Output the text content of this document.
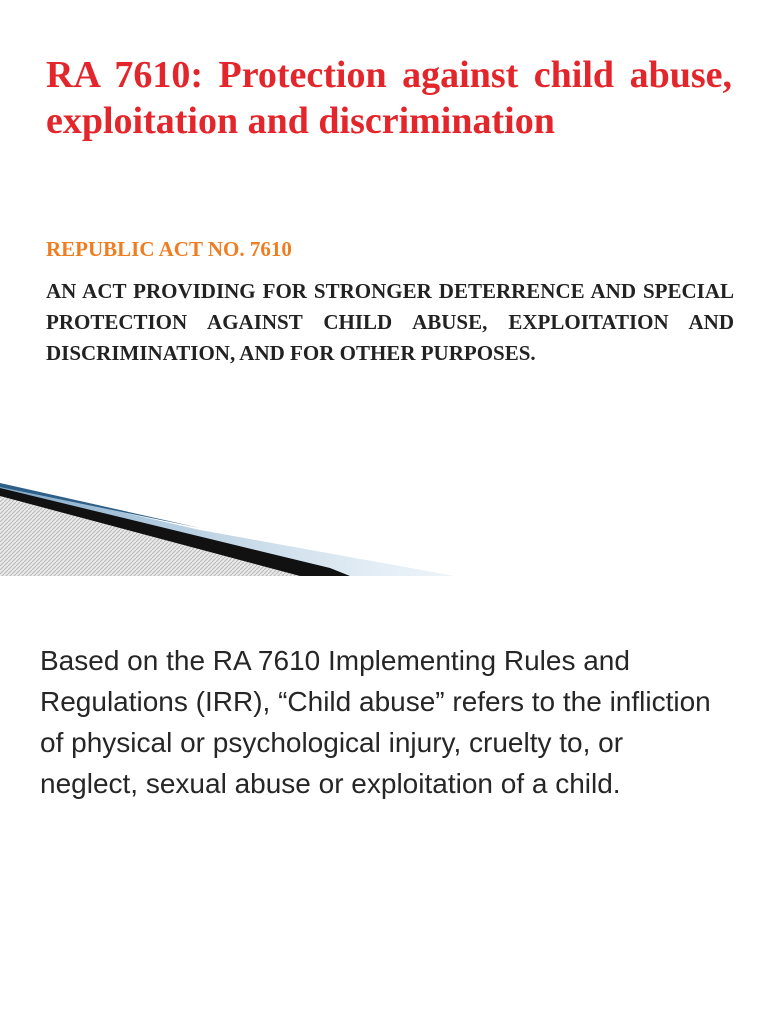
RA 7610: Protection against child abuse, exploitation and discrimination
REPUBLIC ACT NO. 7610

AN ACT PROVIDING FOR STRONGER DETERRENCE AND SPECIAL PROTECTION AGAINST CHILD ABUSE, EXPLOITATION AND DISCRIMINATION, AND FOR OTHER PURPOSES.

Based on the RA 7610 Implementing Rules and Regulations (IRR), “Child abuse” refers to the infliction of physical or psychological injury, cruelty to, or neglect, sexual abuse or exploitation of a child.
